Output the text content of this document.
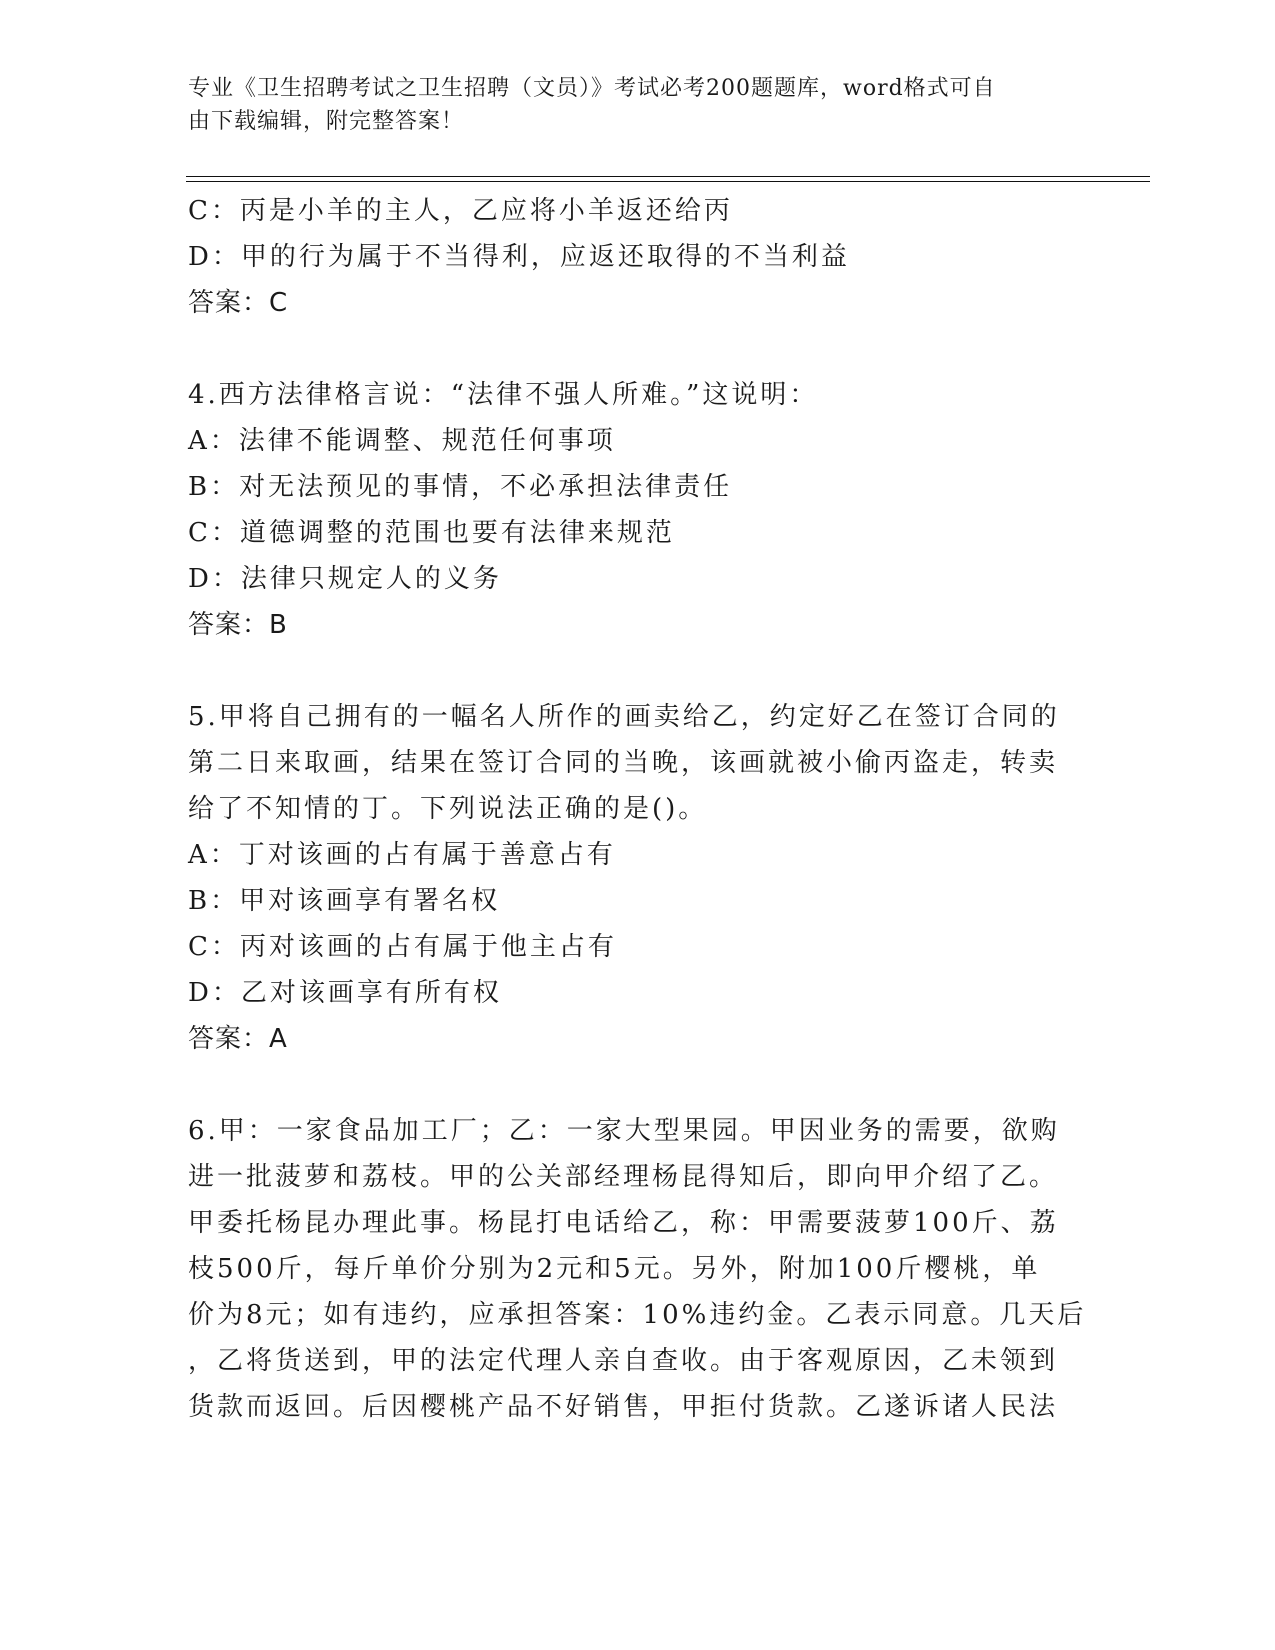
专业《卫生招聘考试之卫生招聘（文员）》考试必考200题题库，word格式可自
由下载编辑，附完整答案！
C：丙是小羊的主人，乙应将小羊返还给丙
D：甲的行为属于不当得利，应返还取得的不当利益
答案：C
4.西方法律格言说：“法律不强人所难。”这说明：
A：法律不能调整、规范任何事项
B：对无法预见的事情，不必承担法律责任
C：道德调整的范围也要有法律来规范
D：法律只规定人的义务
答案：B
5.甲将自己拥有的一幅名人所作的画卖给乙，约定好乙在签订合同的
第二日来取画，结果在签订合同的当晚，该画就被小偷丙盗走，转卖
给了不知情的丁。下列说法正确的是()。
A：丁对该画的占有属于善意占有
B：甲对该画享有署名权
C：丙对该画的占有属于他主占有
D：乙对该画享有所有权
答案：A
6.甲：一家食品加工厂；乙：一家大型果园。甲因业务的需要，欲购
进一批菠萝和荔枝。甲的公关部经理杨昆得知后，即向甲介绍了乙。
甲委托杨昆办理此事。杨昆打电话给乙，称：甲需要菠萝100斤、荔
枝500斤，每斤单价分别为2元和5元。另外，附加100斤樱桃，单
价为8元；如有违约，应承担答案：10%违约金。乙表示同意。几天后
，乙将货送到，甲的法定代理人亲自查收。由于客观原因，乙未领到
货款而返回。后因樱桃产品不好销售，甲拒付货款。乙遂诉诸人民法
